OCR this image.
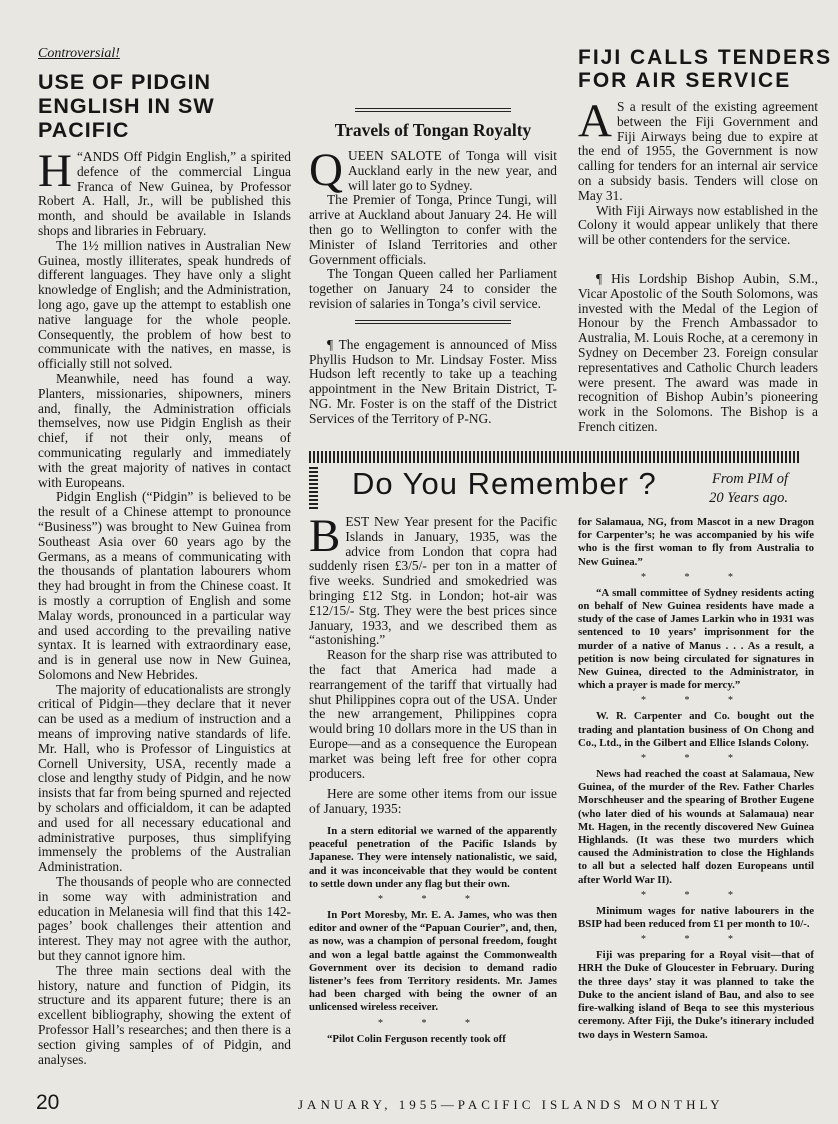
Controversial!
USE OF PIDGIN ENGLISH IN SW PACIFIC

H “ANDS Off Pidgin English,” a spirited defence of the commercial Lingua Franca of New Guinea, by Professor Robert A. Hall, Jr., will be published this month, and should be available in Islands shops and libraries in February.

The 1½ million natives in Australian New Guinea, mostly illiterates, speak hundreds of different languages. They have only a slight knowledge of English; and the Administration, long ago, gave up the attempt to establish one native language for the whole people. Consequently, the problem of how best to communicate with the natives, en masse, is officially still not solved.

Meanwhile, need has found a way. Planters, missionaries, shipowners, miners and, finally, the Administration officials themselves, now use Pidgin English as their chief, if not their only, means of communicating regularly and immediately with the great majority of natives in contact with Europeans.

Pidgin English (“Pidgin” is believed to be the result of a Chinese attempt to pronounce “Business”) was brought to New Guinea from Southeast Asia over 60 years ago by the Germans, as a means of communicating with the thousands of plantation labourers whom they had brought in from the Chinese coast. It is mostly a corruption of English and some Malay words, pronounced in a particular way and used according to the prevailing native syntax. It is learned with extraordinary ease, and is in general use now in New Guinea, Solomons and New Hebrides.

The majority of educationalists are strongly critical of Pidgin—they declare that it never can be used as a medium of instruction and a means of improving native standards of life. Mr. Hall, who is Professor of Linguistics at Cornell University, USA, recently made a close and lengthy study of Pidgin, and he now insists that far from being spurned and rejected by scholars and officialdom, it can be adapted and used for all necessary educational and administrative purposes, thus simplifying immensely the problems of the Australian Administration.

The thousands of people who are connected in some way with administration and education in Melanesia will find that this 142-pages’ book challenges their attention and interest. They may not agree with the author, but they cannot ignore him.

The three main sections deal with the history, nature and function of Pidgin, its structure and its apparent future; there is an excellent bibliography, showing the extent of Professor Hall’s researches; and then there is a section giving samples of of Pidgin, and analyses.

Travels of Tongan Royalty

QUEEN SALOTE of Tonga will visit Auckland early in the new year, and will later go to Sydney.

The Premier of Tonga, Prince Tungi, will arrive at Auckland about January 24. He will then go to Wellington to confer with the Minister of Island Territories and other Government officials.

The Tongan Queen called her Parliament together on January 24 to consider the revision of salaries in Tonga’s civil service.

¶ The engagement is announced of Miss Phyllis Hudson to Mr. Lindsay Foster. Miss Hudson left recently to take up a teaching appointment in the New Britain District, T-NG. Mr. Foster is on the staff of the District Services of the Territory of P-NG.

FIJI CALLS TENDERS FOR AIR SERVICE

A S a result of the existing agreement between the Fiji Government and Fiji Airways being due to expire at the end of 1955, the Government is now calling for tenders for an internal air service on a subsidy basis. Tenders will close on May 31.

With Fiji Airways now established in the Colony it would appear unlikely that there will be other contenders for the service.

¶ His Lordship Bishop Aubin, S.M., Vicar Apostolic of the South Solomons, was invested with the Medal of the Legion of Honour by the French Ambassador to Australia, M. Louis Roche, at a ceremony in Sydney on December 23. Foreign consular representatives and Catholic Church leaders were present. The award was made in recognition of Bishop Aubin’s pioneering work in the Solomons. The Bishop is a French citizen.

Do You Remember ?	From PIM of
20 Years ago.

BEST New Year present for the Pacific Islands in January, 1935, was the advice from London that copra had suddenly risen £3/5/- per ton in a matter of five weeks. Sundried and smokedried was bringing £12 Stg. in London; hot-air was £12/15/- Stg. They were the best prices since January, 1933, and we described them as “astonishing.”

Reason for the sharp rise was attributed to the fact that America had made a rearrangement of the tariff that virtually had shut Philippines copra out of the USA. Under the new arrangement, Philippines copra would bring 10 dollars more in the US than in Europe—and as a consequence the European market was being left free for other copra producers.

Here are some other items from our issue of January, 1935:

In a stern editorial we warned of the apparently peaceful penetration of the Pacific Islands by Japanese. They were intensely nationalistic, we said, and it was inconceivable that they would be content to settle down under any flag but their own.

* * *

In Port Moresby, Mr. E. A. James, who was then editor and owner of the “Papuan Courier”, and, then, as now, was a champion of personal freedom, fought and won a legal battle against the Commonwealth Government over its decision to demand radio listener’s fees from Territory residents. Mr. James had been charged with being the owner of an unlicensed wireless receiver.

* * *

“Pilot Colin Ferguson recently took off

for Salamaua, NG, from Mascot in a new Dragon for Carpenter’s; he was accompanied by his wife who is the first woman to fly from Australia to New Guinea.”

* * *

“A small committee of Sydney residents acting on behalf of New Guinea residents have made a study of the case of James Larkin who in 1931 was sentenced to 10 years’ imprisonment for the murder of a native of Manus . . . As a result, a petition is now being circulated for signatures in New Guinea, directed to the Administrator, in which a prayer is made for mercy.”

* * *

W. R. Carpenter and Co. bought out the trading and plantation business of On Chong and Co., Ltd., in the Gilbert and Ellice Islands Colony.

* * *

News had reached the coast at Salamaua, New Guinea, of the murder of the Rev. Father Charles Morschheuser and the spearing of Brother Eugene (who later died of his wounds at Salamaua) near Mt. Hagen, in the recently discovered New Guinea Highlands. (It was these two murders which caused the Administration to close the Highlands to all but a selected half dozen Europeans until after World War II).

* * *

Minimum wages for native labourers in the BSIP had been reduced from £1 per month to 10/-.

* * *

Fiji was preparing for a Royal visit—that of HRH the Duke of Gloucester in February. During the three days’ stay it was planned to take the Duke to the ancient island of Bau, and also to see fire-walking island of Beqa to see this mysterious ceremony. After Fiji, the Duke’s itinerary included two days in Western Samoa.

20	JANUARY, 1955—PACIFIC ISLANDS MONTHLY
